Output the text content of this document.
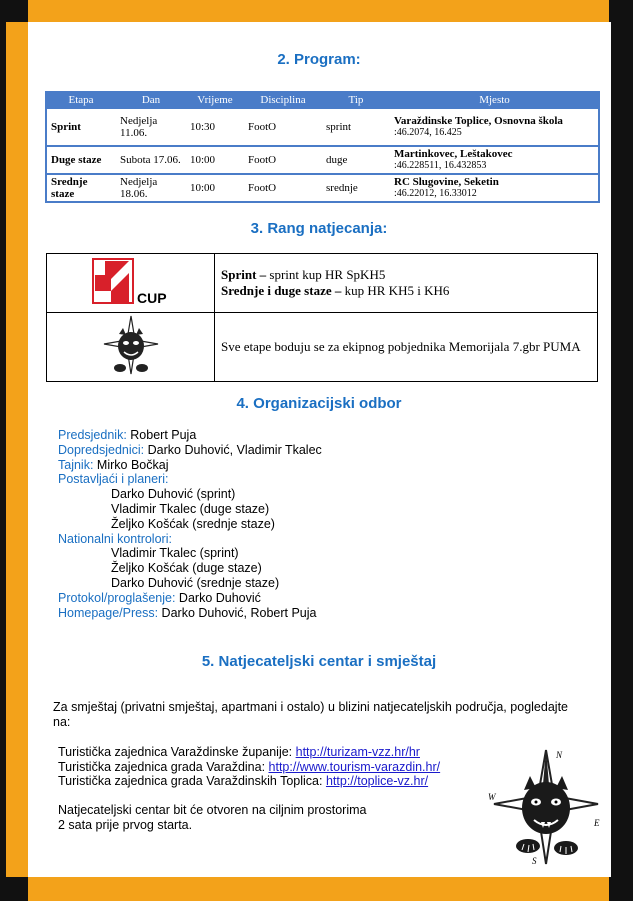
2. Program:
Etapa	Dan	Vrijeme	Disciplina	Tip	Mjesto
Sprint	Nedjelja 11.06.	10:30	FootO	sprint	Varaždinske Toplice, Osnovna škola
:46.2074, 16.425

Duge staze	Subota 17.06.	10:00	FootO	duge	Martinkovec, Leštakovec
:46.228511, 16.432853

Srednje staze	Nedjelja 18.06.	10:00	FootO	srednje	RC Slugovine, Seketin
:46.22012, 16.33012
3. Rang natjecanja:
CUP	Sprint – sprint kup HR SpKH5
Srednje i duge staze – kup HR KH5 i KH6
	Sve etape boduju se za ekipnog pobjednika Memorijala 7.gbr PUMA
4. Organizacijski odbor
Predsjednik: Robert Puja
Dopredsjednici: Darko Duhović, Vladimir Tkalec
Tajnik: Mirko Bočkaj
Postavljaći i planeri:
Darko Duhović (sprint)
Vladimir Tkalec (duge staze)
Željko Košćak (srednje staze)
Nationalni kontrolori:
Vladimir Tkalec (sprint)
Željko Košćak (duge staze)
Darko Duhović (srednje staze)
Protokol/proglašenje: Darko Duhović
Homepage/Press: Darko Duhović, Robert Puja
5. Natjecateljski centar i smještaj
Za smještaj (privatni smještaj, apartmani i ostalo) u blizini natjecateljskih područja, pogledajte na:
Turistička zajednica Varaždinske županije: http://turizam-vzz.hr/hr
Turistička zajednica grada Varaždina: http://www.tourism-varazdin.hr/
Turistička zajednica grada Varaždinskih Toplica: http://toplice-vz.hr/
Natjecateljski centar bit će otvoren na ciljnim prostorima
2 sata prije prvog starta.
N
W
E
S
